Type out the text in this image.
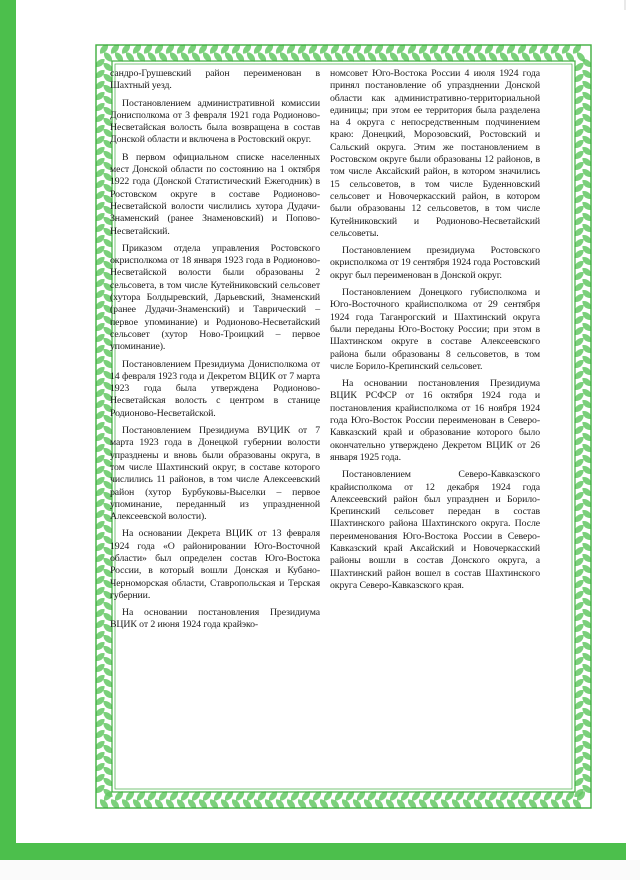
сандро-Грушевский район переименован в Шахтный уезд.

Постановлением административной комиссии Донисполкома от 3 февраля 1921 года Родионово-Несветайская волость была возвращена в состав Донской области и включена в Ростовский округ.

В первом официальном списке населенных мест Донской области по состоянию на 1 октября 1922 года (Донской Статистический Ежегодник) в Ростовском округе в составе Родионово-Несветайской волости числились хутора Дудачи-Знаменский (ранее Знаменовский) и Попово-Несветайский.

Приказом отдела управления Ростовского окрисполкома от 18 января 1923 года в Родионово-Несветайской волости были образованы 2 сельсовета, в том числе Кутейниковский сельсовет (хутора Болдыревский, Дарьевский, Знаменский (ранее Дудачи-Знаменский) и Таврический – первое упоминание) и Родионово-Несветайский сельсовет (хутор Ново-Троицкий – первое упоминание).

Постановлением Президиума Донисполкома от 14 февраля 1923 года и Декретом ВЦИК от 7 марта 1923 года была утверждена Родионово-Несветайская волость с центром в станице Родионово-Несветайской.

Постановлением Президиума ВУЦИК от 7 марта 1923 года в Донецкой губернии волости упразднены и вновь были образованы округа, в том числе Шахтинский округ, в составе которого числились 11 районов, в том числе Алексеевский район (хутор Бурбуковы-Выселки – первое упоминание, переданный из упраздненной Алексеевской волости).

На основании Декрета ВЦИК от 13 февраля 1924 года «О районировании Юго-Восточной области» был определен состав Юго-Востока России, в который вошли Донская и Кубано-Черноморская области, Ставропольская и Терская губернии.

На основании постановления Президиума ВЦИК от 2 июня 1924 года крайэко-

номсовет Юго-Востока России 4 июля 1924 года принял постановление об упразднении Донской области как административно-территориальной единицы; при этом ее территория была разделена на 4 округа с непосредственным подчинением краю: Донецкий, Морозовский, Ростовский и Сальский округа. Этим же постановлением в Ростовском округе были образованы 12 районов, в том числе Аксайский район, в котором значились 15 сельсоветов, в том числе Буденновский сельсовет и Новочеркасский район, в котором были образованы 12 сельсоветов, в том числе Кутейниковский и Родионово-Несветайский сельсоветы.

Постановлением президиума Ростовского окрисполкома от 19 сентября 1924 года Ростовский округ был переименован в Донской округ.

Постановлением Донецкого губисполкома и Юго-Восточного крайисполкома от 29 сентября 1924 года Таганрогский и Шахтинский округа были переданы Юго-Востоку России; при этом в Шахтинском округе в составе Алексеевского района были образованы 8 сельсоветов, в том числе Борило-Крепинский сельсовет.

На основании постановления Президиума ВЦИК РСФСР от 16 октября 1924 года и постановления крайисполкома от 16 ноября 1924 года Юго-Восток России переименован в Северо-Кавказский край и образование которого было окончательно утверждено Декретом ВЦИК от 26 января 1925 года.

Постановлением Северо-Кавказского крайисполкома от 12 декабря 1924 года Алексеевский район был упразднен и Борило-Крепинский сельсовет передан в состав Шахтинского района Шахтинского округа. После переименования Юго-Востока России в Северо-Кавказский край Аксайский и Новочеркасский районы вошли в состав Донского округа, а Шахтинский район вошел в состав Шахтинского округа Северо-Кавказского края.
